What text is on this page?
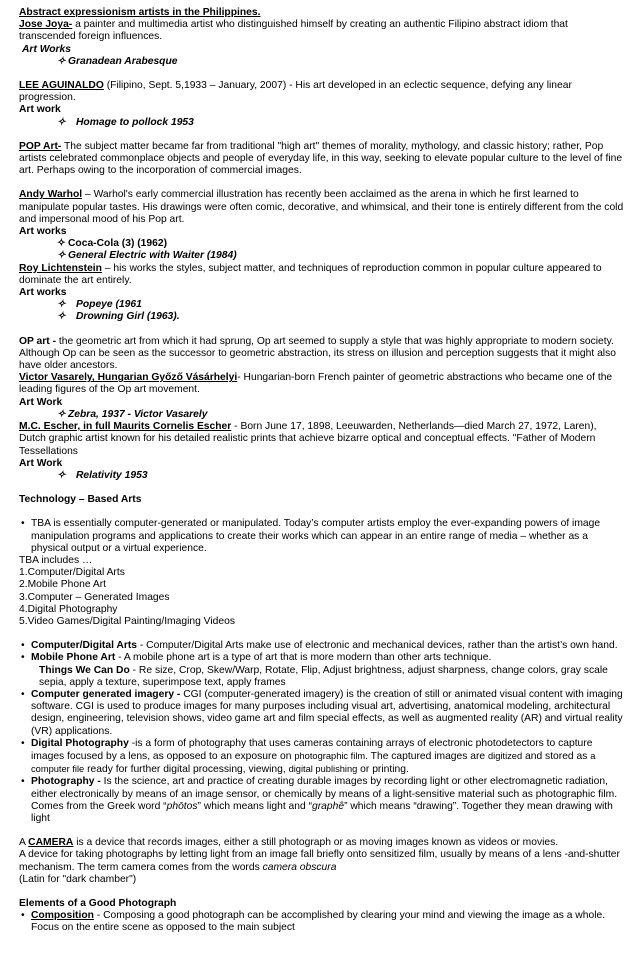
Abstract expressionism artists in the Philippines.

Jose Joya- a painter and multimedia artist who distinguished himself by creating an authentic Filipino abstract idiom that transcended foreign influences.

Art Works

✧ Granadean Arabesque

LEE AGUINALDO (Filipino, Sept. 5,1933 – January, 2007) - His art developed in an eclectic sequence, defying any linear progression.

Art work

✧ Homage to pollock 1953

POP Art- The subject matter became far from traditional "high art" themes of morality, mythology, and classic history; rather, Pop artists celebrated commonplace objects and people of everyday life, in this way, seeking to elevate popular culture to the level of fine art. Perhaps owing to the incorporation of commercial images.

Andy Warhol – Warhol's early commercial illustration has recently been acclaimed as the arena in which he first learned to manipulate popular tastes. His drawings were often comic, decorative, and whimsical, and their tone is entirely different from the cold and impersonal mood of his Pop art.

Art works

✧ Coca-Cola (3) (1962)

✧ General Electric with Waiter (1984)

Roy Lichtenstein – his works the styles, subject matter, and techniques of reproduction common in popular culture appeared to dominate the art entirely.

Art works

✧ Popeye (1961

✧ Drowning Girl (1963).

OP art - the geometric art from which it had sprung, Op art seemed to supply a style that was highly appropriate to modern society. Although Op can be seen as the successor to geometric abstraction, its stress on illusion and perception suggests that it might also have older ancestors.

Victor Vasarely, Hungarian Győző Vásárhelyi- Hungarian-born French painter of geometric abstractions who became one of the leading figures of the Op art movement.

Art Work

✧ Zebra, 1937 - Victor Vasarely

M.C. Escher, in full Maurits Cornelis Escher - Born June 17, 1898, Leeuwarden, Netherlands—died March 27, 1972, Laren), Dutch graphic artist known for his detailed realistic prints that achieve bizarre optical and conceptual effects. "Father of Modern Tessellations

Art Work

✧ Relativity 1953

Technology – Based Arts

• TBA is essentially computer-generated or manipulated. Today’s computer artists employ the ever-expanding powers of image manipulation programs and applications to create their works which can appear in an entire range of media – whether as a physical output or a virtual experience.

TBA includes …

1.Computer/Digital Arts

2.Mobile Phone Art

3.Computer – Generated Images

4.Digital Photography

5.Video Games/Digital Painting/Imaging Videos

• Computer/Digital Arts - Computer/Digital Arts make use of electronic and mechanical devices, rather than the artist’s own hand.

• Mobile Phone Art - A mobile phone art is a type of art that is more modern than other arts technique.

Things We Can Do - Re size, Crop, Skew/Warp, Rotate, Flip, Adjust brightness, adjust sharpness, change colors, gray scale sepia, apply a texture, superimpose text, apply frames

• Computer generated imagery - CGI (computer-generated imagery) is the creation of still or animated visual content with imaging software. CGI is used to produce images for many purposes including visual art, advertising, anatomical modeling, architectural design, engineering, television shows, video game art and film special effects, as well as augmented reality (AR) and virtual reality (VR) applications.

• Digital Photography -is a form of photography that uses cameras containing arrays of electronic photodetectors to capture images focused by a lens, as opposed to an exposure on photographic film. The captured images are digitized and stored as a computer file ready for further digital processing, viewing, digital publishing or printing.

• Photography - Is the science, art and practice of creating durable images by recording light or other electromagnetic radiation, either electronically by means of an image sensor, or chemically by means of a light-sensitive material such as photographic film. Comes from the Greek word “phōtos” which means light and “graphê” which means “drawing”. Together they mean drawing with light

A CAMERA is a device that records images, either a still photograph or as moving images known as videos or movies.

A device for taking photographs by letting light from an image fall briefly onto sensitized film, usually by means of a lens -and-shutter mechanism. The term camera comes from the words camera obscura

(Latin for "dark chamber")

Elements of a Good Photograph

• Composition - Composing a good photograph can be accomplished by clearing your mind and viewing the image as a whole. Focus on the entire scene as opposed to the main subject
